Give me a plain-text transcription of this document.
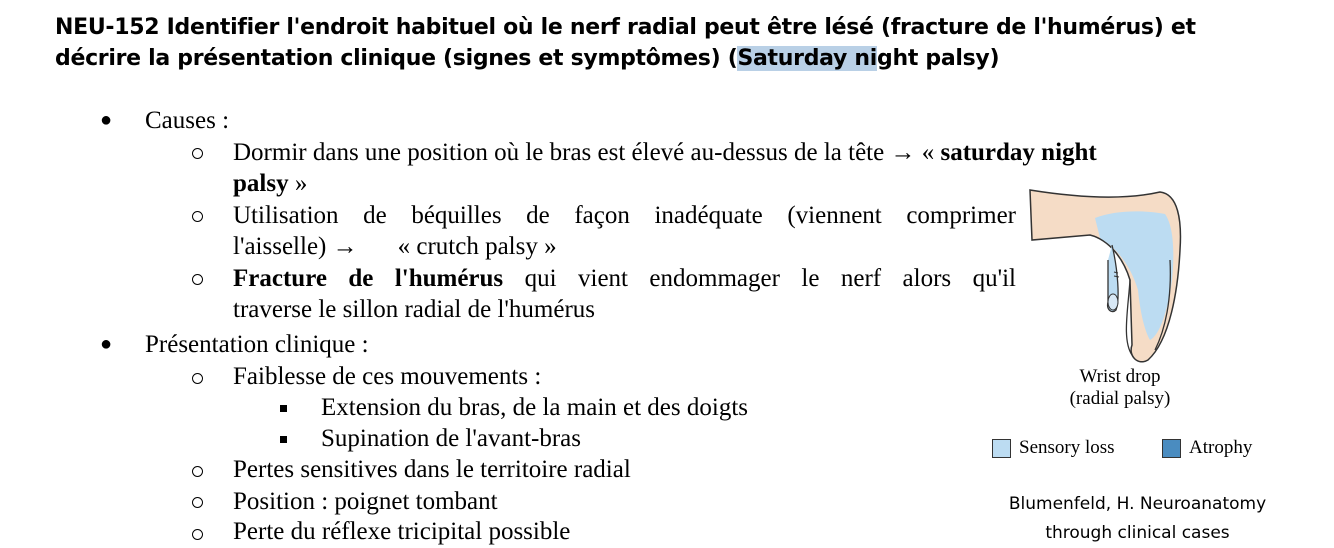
NEU-152 Identifier l'endroit habituel où le nerf radial peut être lésé (fracture de l'humérus) et
décrire la présentation clinique (signes et symptômes) (Saturday night palsy)
● Causes :
Dormir dans une position où le bras est élevé au-dessus de la tête → « saturday night
palsy »
Utilisation de béquilles de façon inadéquate (viennent comprimer
l'aisselle) → « crutch palsy »
Fracture de l'humérus qui vient endommager le nerf alors qu'il
traverse le sillon radial de l'humérus
● Présentation clinique :
Faiblesse de ces mouvements :
Extension du bras, de la main et des doigts
Supination de l'avant-bras
Pertes sensitives dans le territoire radial
Position : poignet tombant
Perte du réflexe tricipital possible
Wrist drop
(radial palsy)
Sensory loss	Atrophy
Blumenfeld, H. Neuroanatomy
through clinical cases
